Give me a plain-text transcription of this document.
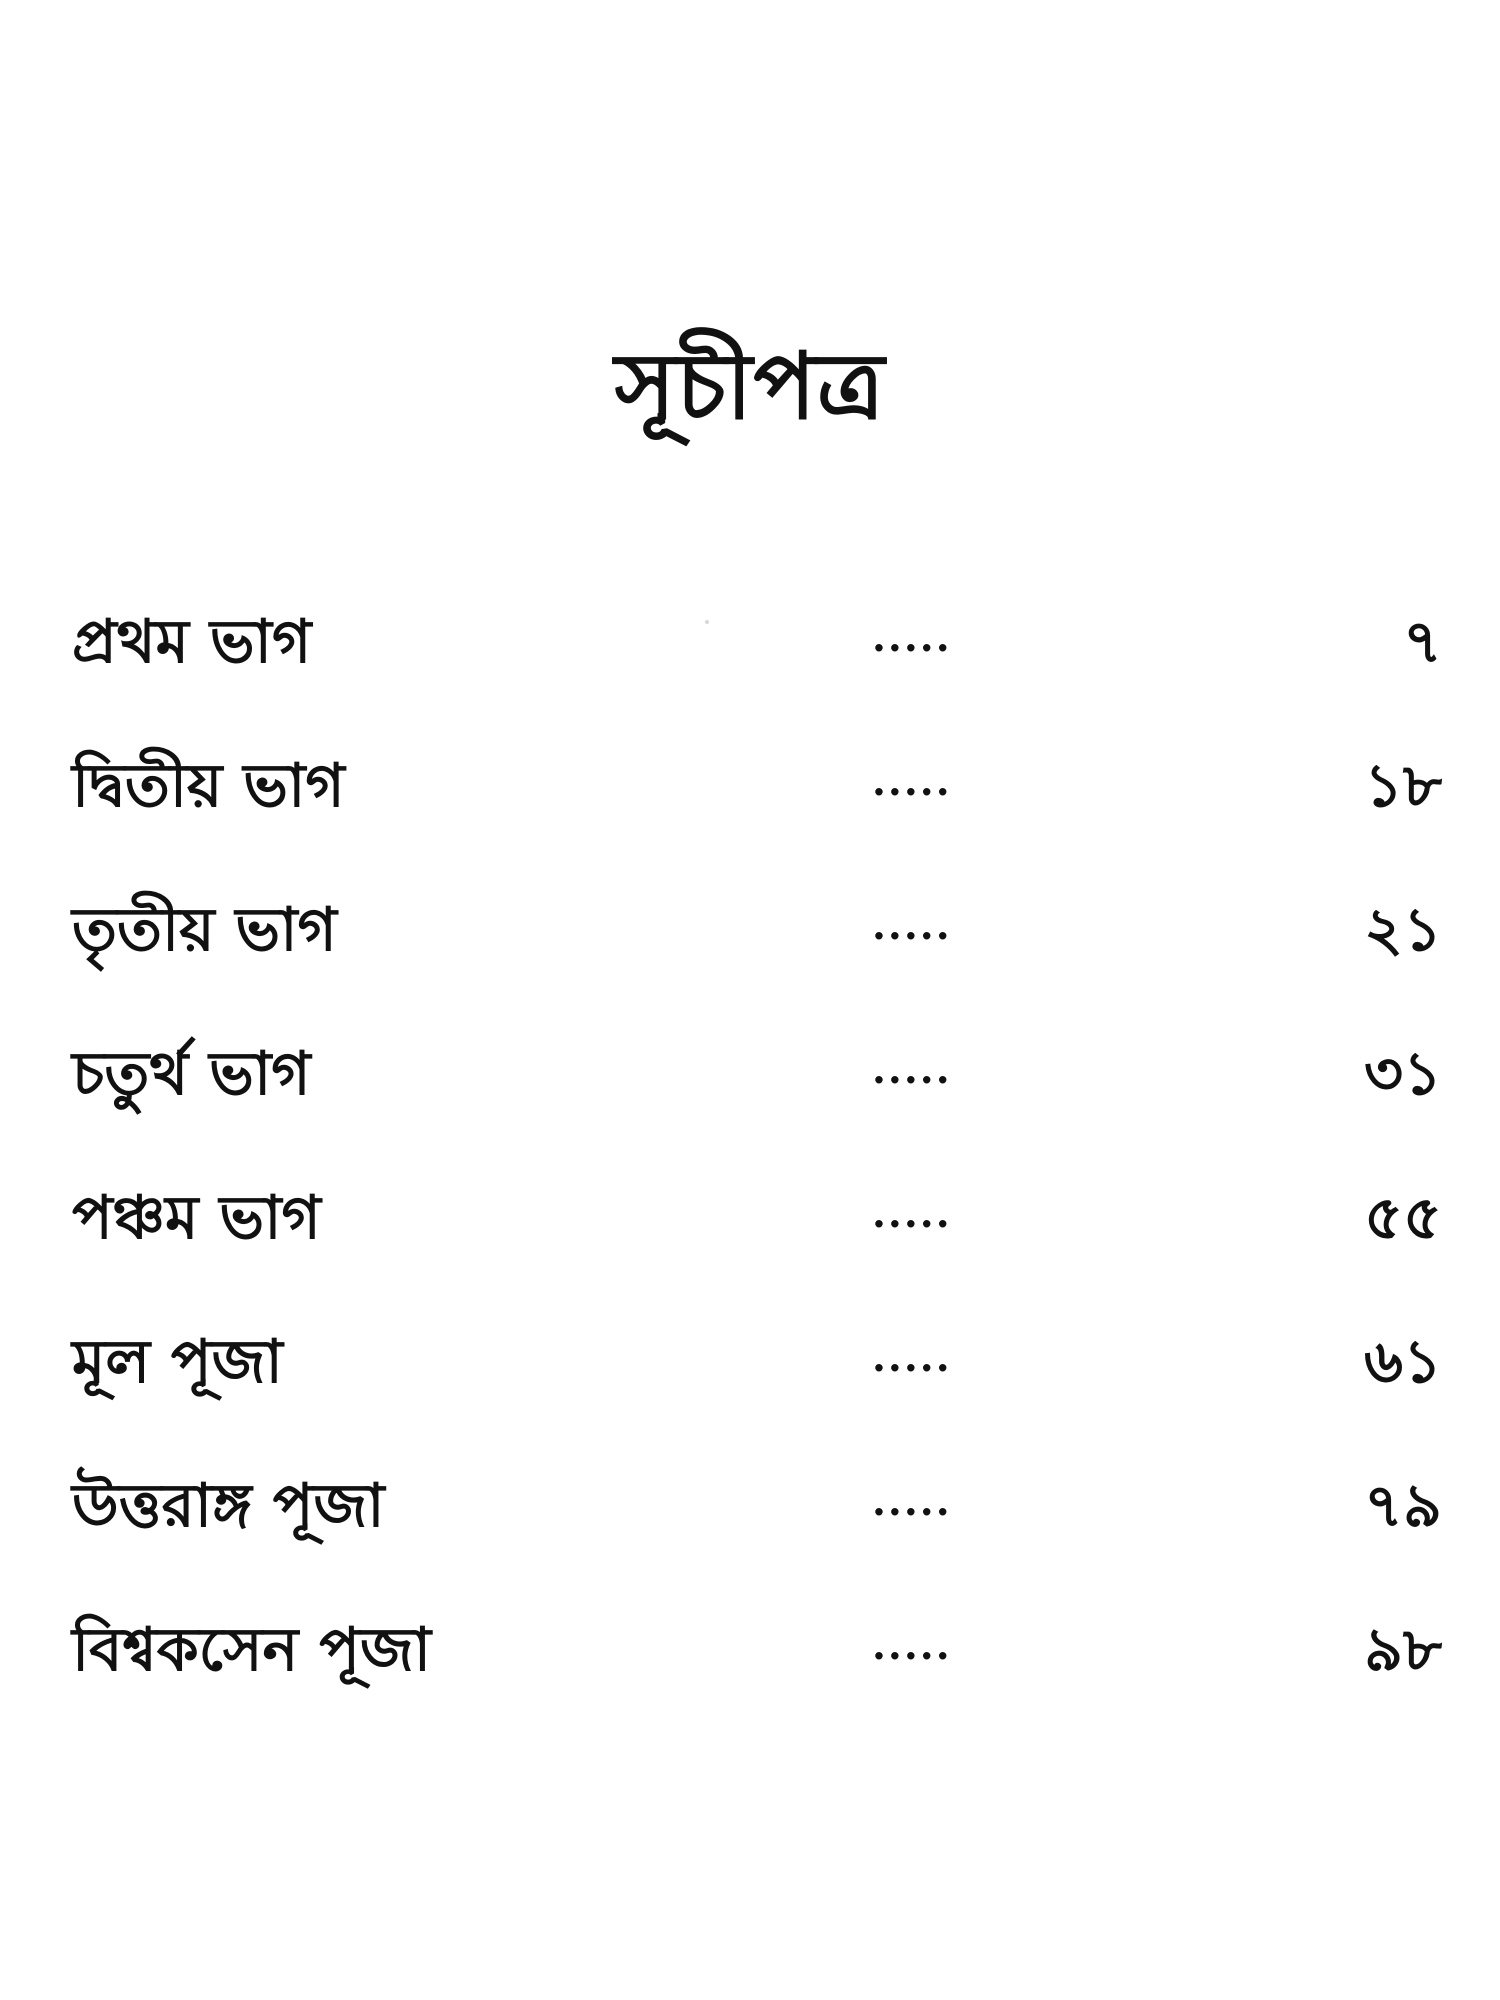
সূচীপত্র
প্রথম ভাগ	.....	৭
দ্বিতীয় ভাগ	.....	১৮
তৃতীয় ভাগ	.....	২১
চতুর্থ ভাগ	.....	৩১
পঞ্চম ভাগ	.....	৫৫
মূল পূজা	.....	৬১
উত্তরাঙ্গ পূজা	.....	৭৯
বিশ্বকসেন পূজা	.....	৯৮
